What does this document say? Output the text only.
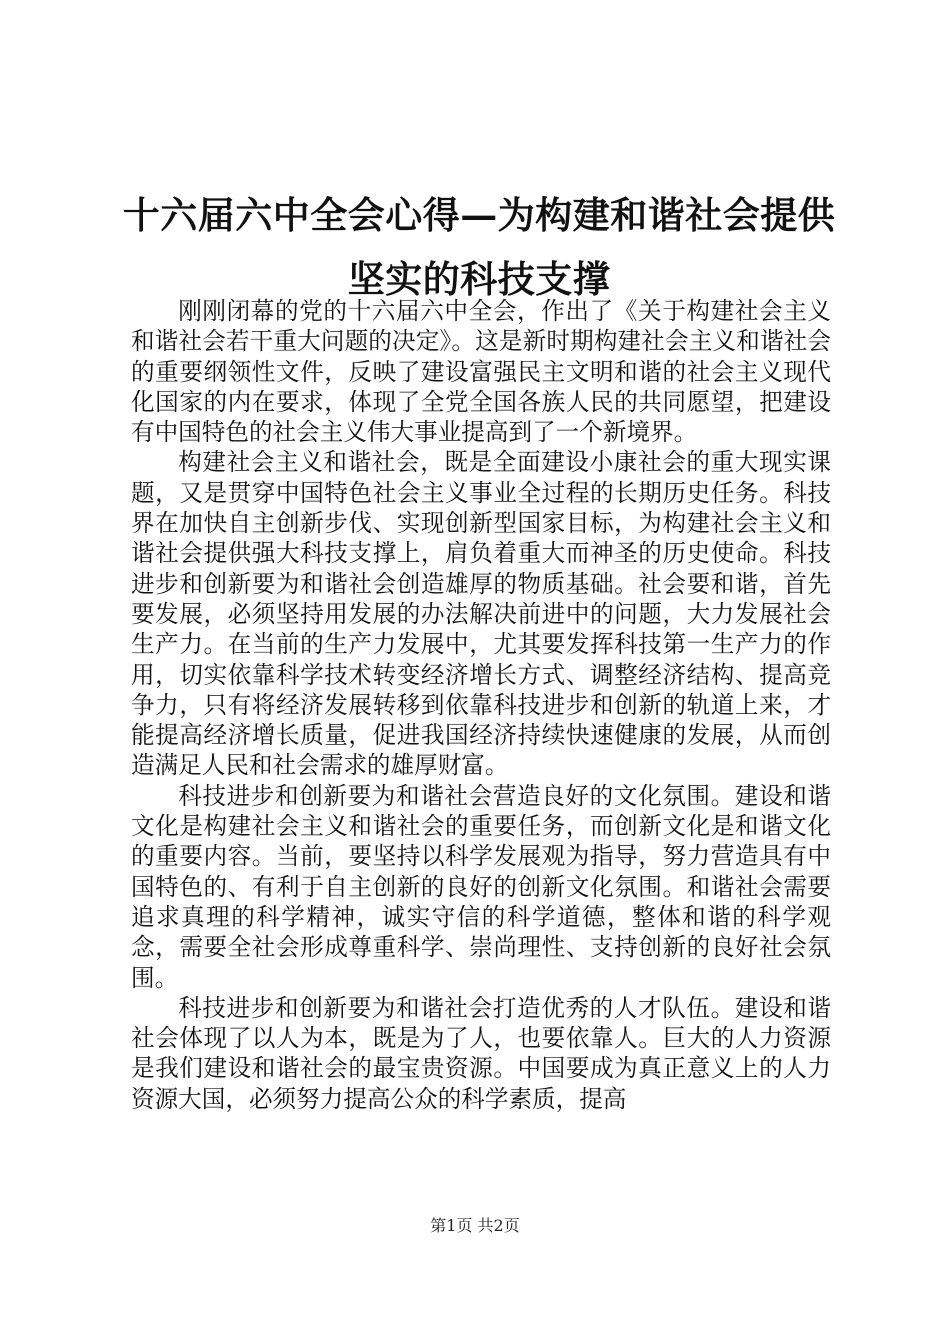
十六届六中全会心得—为构建和谐社会提供坚实的科技支撑

刚刚闭幕的党的十六届六中全会，作出了《关于构建社会主义和谐社会若干重大问题的决定》。这是新时期构建社会主义和谐社会的重要纲领性文件，反映了建设富强民主文明和谐的社会主义现代化国家的内在要求，体现了全党全国各族人民的共同愿望，把建设有中国特色的社会主义伟大事业提高到了一个新境界。

构建社会主义和谐社会，既是全面建设小康社会的重大现实课题，又是贯穿中国特色社会主义事业全过程的长期历史任务。科技界在加快自主创新步伐、实现创新型国家目标，为构建社会主义和谐社会提供强大科技支撑上，肩负着重大而神圣的历史使命。科技进步和创新要为和谐社会创造雄厚的物质基础。社会要和谐，首先要发展，必须坚持用发展的办法解决前进中的问题，大力发展社会生产力。在当前的生产力发展中，尤其要发挥科技第一生产力的作用，切实依靠科学技术转变经济增长方式、调整经济结构、提高竞争力，只有将经济发展转移到依靠科技进步和创新的轨道上来，才能提高经济增长质量，促进我国经济持续快速健康的发展，从而创造满足人民和社会需求的雄厚财富。

科技进步和创新要为和谐社会营造良好的文化氛围。建设和谐文化是构建社会主义和谐社会的重要任务，而创新文化是和谐文化的重要内容。当前，要坚持以科学发展观为指导，努力营造具有中国特色的、有利于自主创新的良好的创新文化氛围。和谐社会需要追求真理的科学精神，诚实守信的科学道德，整体和谐的科学观念，需要全社会形成尊重科学、崇尚理性、支持创新的良好社会氛围。

科技进步和创新要为和谐社会打造优秀的人才队伍。建设和谐社会体现了以人为本，既是为了人，也要依靠人。巨大的人力资源是我们建设和谐社会的最宝贵资源。中国要成为真正意义上的人力资源大国，必须努力提高公众的科学素质，提高

第1页 共2页
